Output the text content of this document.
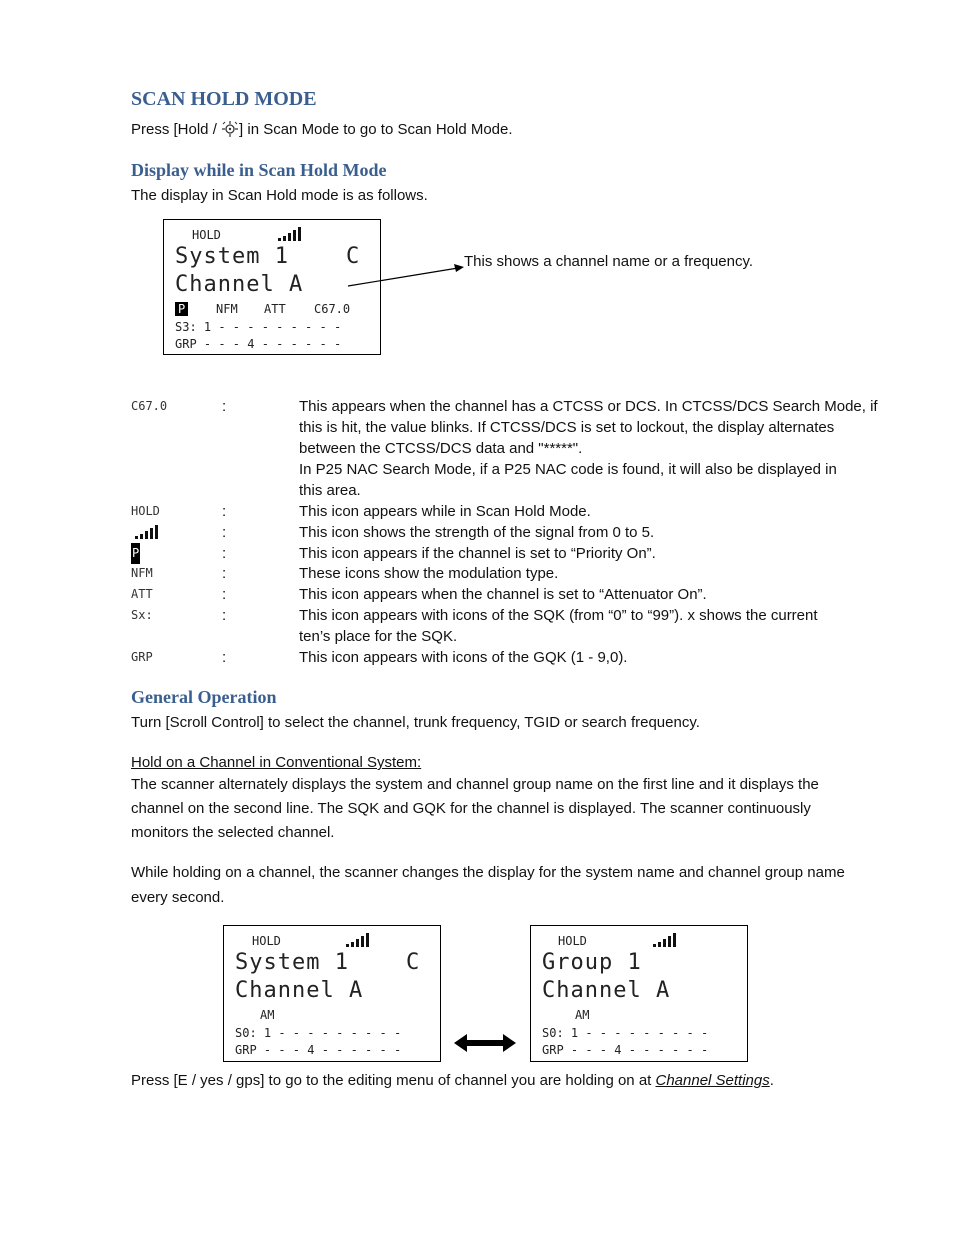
SCAN HOLD MODE
Press [Hold / ] in Scan Mode to go to Scan Hold Mode.
Display while in Scan Hold Mode
The display in Scan Hold mode is as follows.
HOLD
System 1    C
Channel A
P	NFM ATT C67.0
S3: 1 - - - - - - - - -
GRP - - - 4 - - - - - -
This shows a channel name or a frequency.
C67.0	:	This appears when the channel has a CTCSS or DCS. In CTCSS/DCS Search Mode, if
this is hit, the value blinks. If CTCSS/DCS is set to lockout, the display alternates
between the CTCSS/DCS data and "*****".
In P25 NAC Search Mode, if a P25 NAC code is found, it will also be displayed in
this area.
HOLD	:	This icon appears while in Scan Hold Mode.
:	This icon shows the strength of the signal from 0 to 5.
P	:	This icon appears if the channel is set to “Priority On”.
NFM	:	These icons show the modulation type.
ATT	:	This icon appears when the channel is set to “Attenuator On”.
Sx:	:	This icon appears with icons of the SQK (from “0” to “99”). x shows the current
ten’s place for the SQK.
GRP	:	This icon appears with icons of the GQK (1 - 9,0).
General Operation
Turn [Scroll Control] to select the channel, trunk frequency, TGID or search frequency.
Hold on a Channel in Conventional System:
The scanner alternately displays the system and channel group name on the first line and it displays the
channel on the second line. The SQK and GQK for the channel is displayed. The scanner continuously
monitors the selected channel.
While holding on a channel, the scanner changes the display for the system name and channel group name
every second.
HOLD
System 1    C
Channel A
AM
S0: 1 - - - - - - - - -
GRP - - - 4 - - - - - -
HOLD
Group 1
Channel A
AM
S0: 1 - - - - - - - - -
GRP - - - 4 - - - - - -
Press [E / yes / gps] to go to the editing menu of channel you are holding on at Channel Settings.
